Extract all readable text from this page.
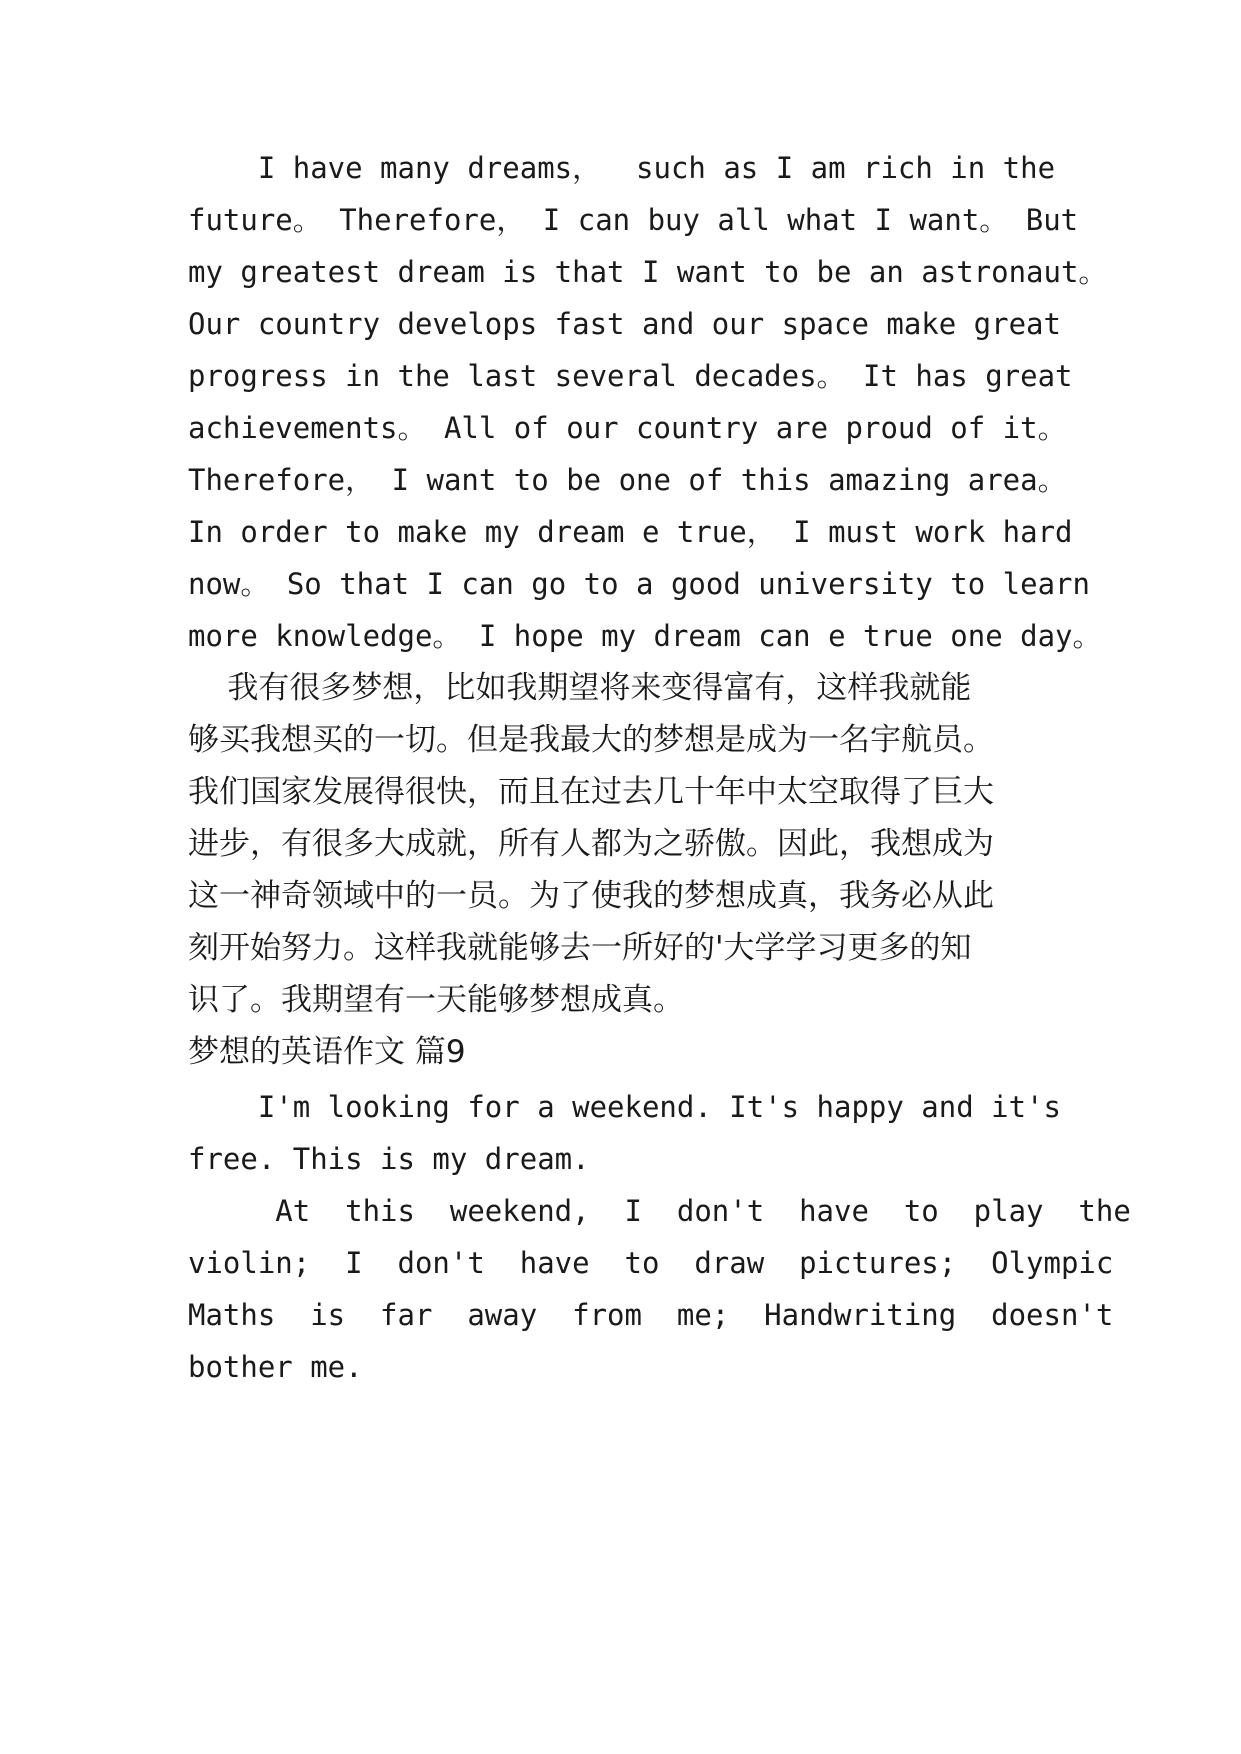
I have many dreams，  such as I am rich in the
future。 Therefore， I can buy all what I want。 But
my greatest dream is that I want to be an astronaut。
Our country develops fast and our space make great
progress in the last several decades。 It has great
achievements。 All of our country are proud of it。
Therefore， I want to be one of this amazing area。
In order to make my dream e true， I must work hard
now。 So that I can go to a good university to learn
more knowledge。 I hope my dream can e true one day。
我有很多梦想，比如我期望将来变得富有，这样我就能
够买我想买的一切。但是我最大的梦想是成为一名宇航员。
我们国家发展得很快，而且在过去几十年中太空取得了巨大
进步，有很多大成就，所有人都为之骄傲。因此，我想成为
这一神奇领域中的一员。为了使我的梦想成真，我务必从此
刻开始努力。这样我就能够去一所好的'大学学习更多的知
识了。我期望有一天能够梦想成真。
梦想的英语作文 篇9
I'm looking for a weekend. It's happy and it's
free. This is my dream.
At  this  weekend,  I  don't  have  to  play  the
violin;  I  don't  have  to  draw  pictures;  Olympic
Maths  is  far  away  from  me;  Handwriting  doesn't
bother me.
